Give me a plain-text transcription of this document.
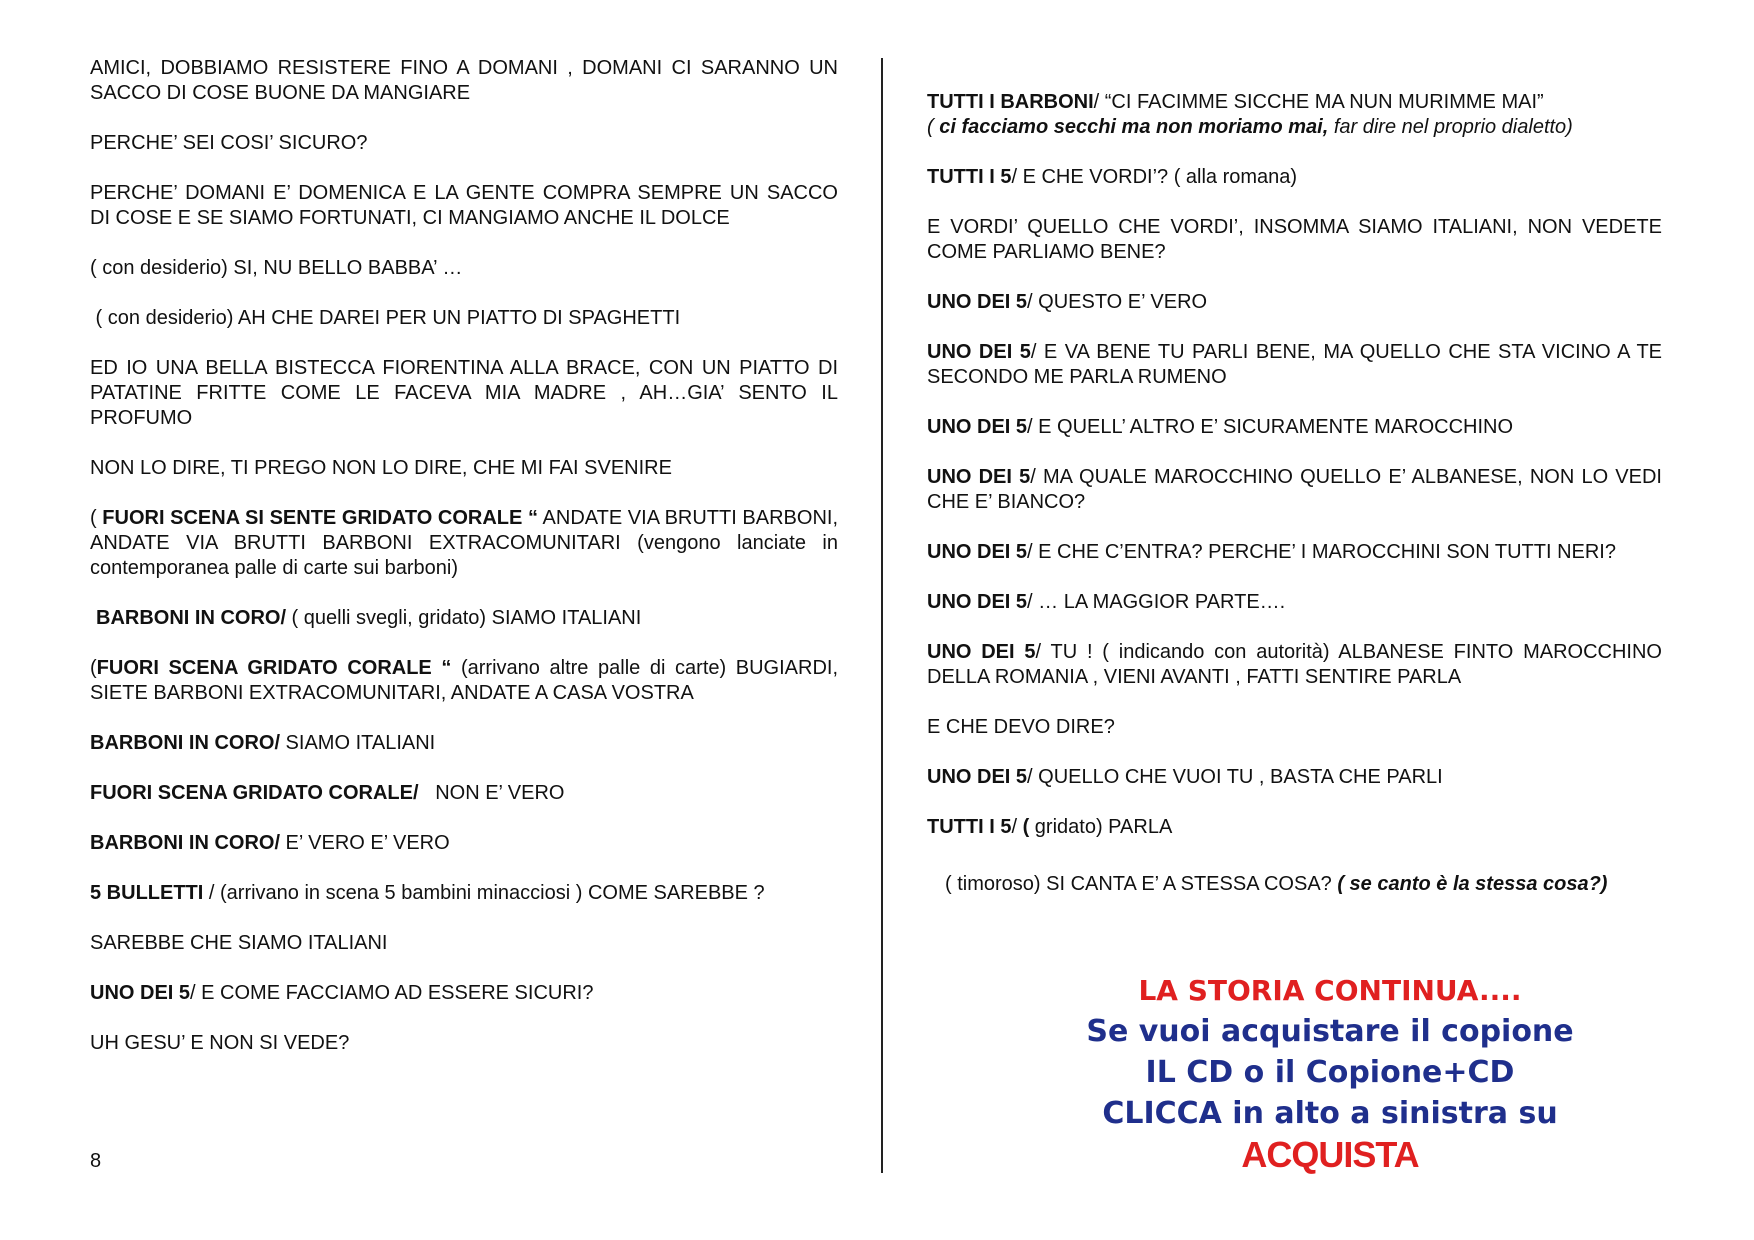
AMICI, DOBBIAMO RESISTERE FINO A DOMANI , DOMANI CI SARANNO UN SACCO DI COSE BUONE DA MANGIARE

PERCHE’ SEI COSI’ SICURO?

PERCHE’ DOMANI E’ DOMENICA E LA GENTE COMPRA SEMPRE UN SACCO DI COSE E SE SIAMO FORTUNATI, CI MANGIAMO ANCHE IL DOLCE

( con desiderio) SI, NU BELLO BABBA’ …

( con desiderio) AH CHE DAREI PER UN PIATTO DI SPAGHETTI

ED IO UNA BELLA BISTECCA FIORENTINA ALLA BRACE, CON UN PIATTO DI PATATINE FRITTE COME LE FACEVA MIA MADRE , AH…GIA’ SENTO IL PROFUMO

NON LO DIRE, TI PREGO NON LO DIRE, CHE MI FAI SVENIRE

( FUORI SCENA SI SENTE GRIDATO CORALE “ ANDATE VIA BRUTTI BARBONI, ANDATE VIA BRUTTI BARBONI EXTRACOMUNITARI (vengono lanciate in contemporanea palle di carte sui barboni)

BARBONI IN CORO/ ( quelli svegli, gridato) SIAMO ITALIANI

(FUORI SCENA GRIDATO CORALE “ (arrivano altre palle di carte) BUGIARDI, SIETE BARBONI EXTRACOMUNITARI, ANDATE A CASA VOSTRA

BARBONI IN CORO/ SIAMO ITALIANI

FUORI SCENA GRIDATO CORALE/   NON E’ VERO

BARBONI IN CORO/ E’ VERO E’ VERO

5 BULLETTI / (arrivano in scena 5 bambini minacciosi ) COME SAREBBE ?

SAREBBE CHE SIAMO ITALIANI

UNO DEI 5/ E COME FACCIAMO AD ESSERE SICURI?

UH GESU’ E NON SI VEDE?

8

TUTTI I BARBONI/ “CI FACIMME SICCHE MA NUN MURIMME MAI”
( ci facciamo secchi ma non moriamo mai, far dire nel proprio dialetto)

TUTTI I 5/ E CHE VORDI’? ( alla romana)

E VORDI’ QUELLO CHE VORDI’, INSOMMA SIAMO ITALIANI, NON VEDETE COME PARLIAMO BENE?

UNO DEI 5/ QUESTO E’ VERO

UNO DEI 5/ E VA BENE TU PARLI BENE, MA QUELLO CHE STA VICINO A TE SECONDO ME PARLA RUMENO

UNO DEI 5/ E QUELL’ ALTRO E’ SICURAMENTE MAROCCHINO

UNO DEI 5/ MA QUALE MAROCCHINO QUELLO E’ ALBANESE, NON LO VEDI CHE E’ BIANCO?

UNO DEI 5/ E CHE C’ENTRA? PERCHE’ I MAROCCHINI SON TUTTI NERI?

UNO DEI 5/ … LA MAGGIOR PARTE….

UNO DEI 5/ TU ! ( indicando con autorità) ALBANESE FINTO MAROCCHINO DELLA ROMANIA , VIENI AVANTI , FATTI SENTIRE PARLA

E CHE DEVO DIRE?

UNO DEI 5/ QUELLO CHE VUOI TU , BASTA CHE PARLI

TUTTI I 5/ ( gridato) PARLA

( timoroso) SI CANTA E’ A STESSA COSA? ( se canto è la stessa cosa?)

LA STORIA CONTINUA....
Se vuoi acquistare il copione
IL CD o il Copione+CD
CLICCA in alto a sinistra su
ACQUISTA
